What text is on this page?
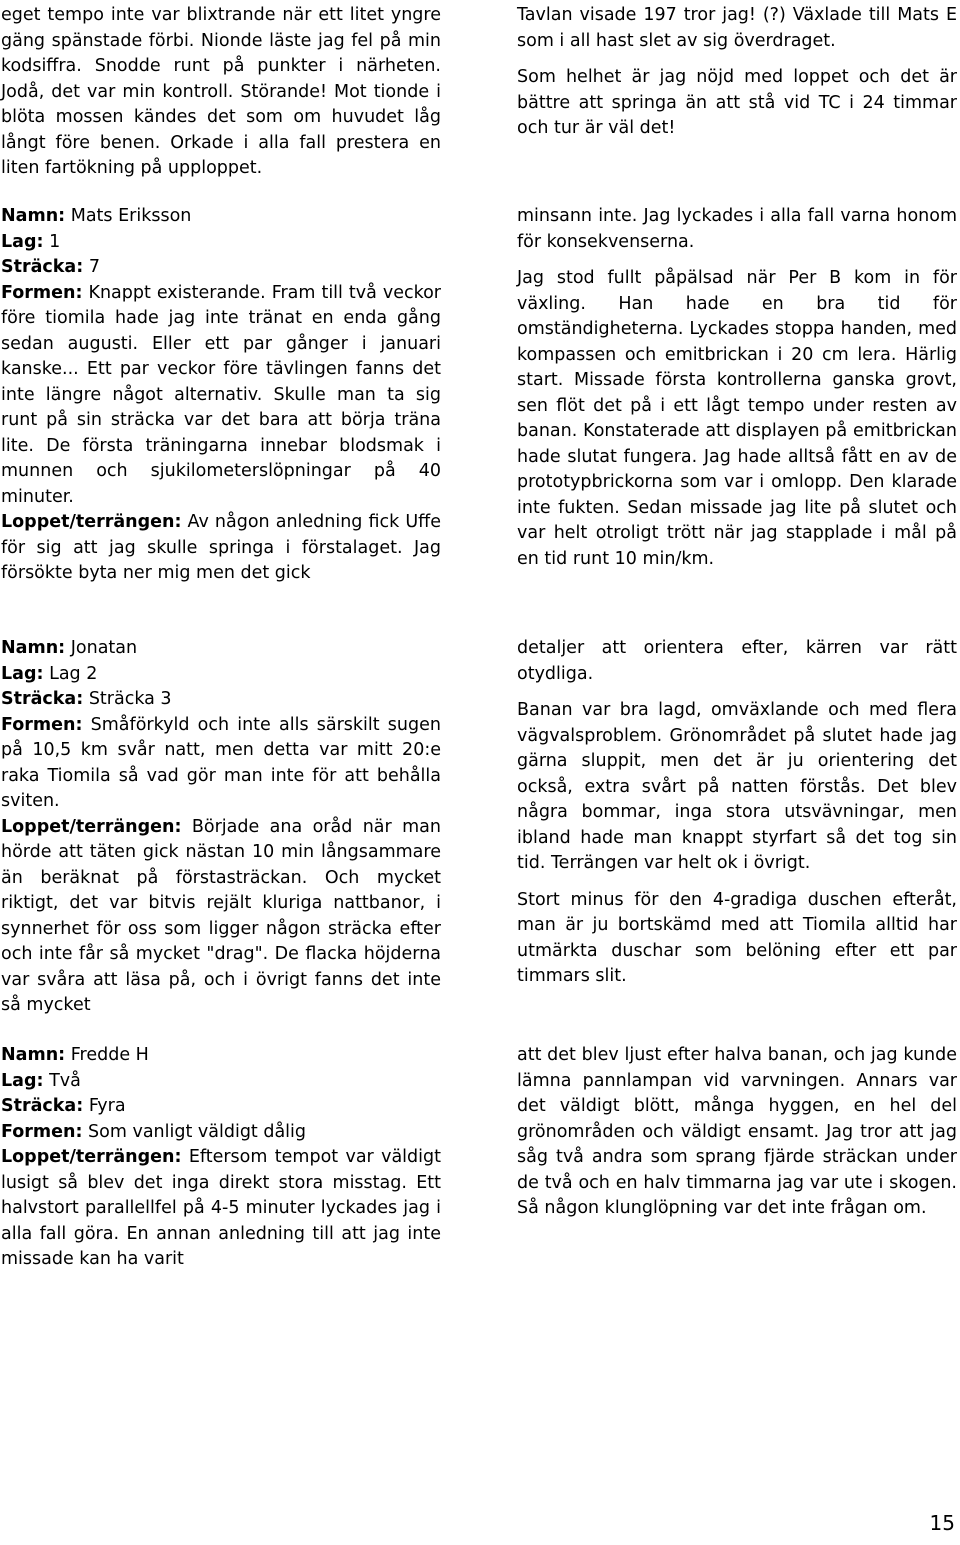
eget tempo inte var blixtrande när ett litet yngre gäng spänstade förbi. Nionde läste jag fel på min kodsiffra. Snodde runt på punkter i närheten. Jodå, det var min kontroll. Störande! Mot tionde i blöta mossen kändes det som om huvudet låg långt före benen. Orkade i alla fall prestera en liten fartökning på upploppet.

Tavlan visade 197 tror jag! (?) Växlade till Mats E som i all hast slet av sig överdraget.

Som helhet är jag nöjd med loppet och det är bättre att springa än att stå vid TC i 24 timmar och tur är väl det!

Namn: Mats Eriksson

Lag: 1

Sträcka: 7

Formen: Knappt existerande. Fram till två veckor före tiomila hade jag inte tränat en enda gång sedan augusti. Eller ett par gånger i januari kanske... Ett par veckor före tävlingen fanns det inte längre något alternativ. Skulle man ta sig runt på sin sträcka var det bara att börja träna lite. De första träningarna innebar blodsmak i munnen och sjukilometerslöpningar på 40 minuter.

Loppet/terrängen: Av någon anledning fick Uffe för sig att jag skulle springa i förstalaget. Jag försökte byta ner mig men det gick

minsann inte. Jag lyckades i alla fall varna honom för konsekvenserna.

Jag stod fullt påpälsad när Per B kom in för växling. Han hade en bra tid för omständigheterna. Lyckades stoppa handen, med kompassen och emitbrickan i 20 cm lera. Härlig start. Missade första kontrollerna ganska grovt, sen flöt det på i ett lågt tempo under resten av banan. Konstaterade att displayen på emitbrickan hade slutat fungera. Jag hade alltså fått en av de prototypbrickorna som var i omlopp. Den klarade inte fukten. Sedan missade jag lite på slutet och var helt otroligt trött när jag stapplade i mål på en tid runt 10 min/km.

Namn: Jonatan

Lag: Lag 2

Sträcka: Sträcka 3

Formen: Småförkyld och inte alls särskilt sugen på 10,5 km svår natt, men detta var mitt 20:e raka Tiomila så vad gör man inte för att behålla sviten.

Loppet/terrängen: Började ana oråd när man hörde att täten gick nästan 10 min långsammare än beräknat på förstasträckan. Och mycket riktigt, det var bitvis rejält kluriga nattbanor, i synnerhet för oss som ligger någon sträcka efter och inte får så mycket "drag". De flacka höjderna var svåra att läsa på, och i övrigt fanns det inte så mycket

detaljer att orientera efter, kärren var rätt otydliga.

Banan var bra lagd, omväxlande och med flera vägvalsproblem. Grönområdet på slutet hade jag gärna sluppit, men det är ju orientering det också, extra svårt på natten förstås. Det blev några bommar, inga stora utsvävningar, men ibland hade man knappt styrfart så det tog sin tid. Terrängen var helt ok i övrigt.

Stort minus för den 4-gradiga duschen efteråt, man är ju bortskämd med att Tiomila alltid har utmärkta duschar som belöning efter ett par timmars slit.

Namn: Fredde H

Lag: Två

Sträcka: Fyra

Formen: Som vanligt väldigt dålig

Loppet/terrängen: Eftersom tempot var väldigt lusigt så blev det inga direkt stora misstag. Ett halvstort parallellfel på 4-5 minuter lyckades jag i alla fall göra. En annan anledning till att jag inte missade kan ha varit

att det blev ljust efter halva banan, och jag kunde lämna pannlampan vid varvningen. Annars var det väldigt blött, många hyggen, en hel del grönområden och väldigt ensamt. Jag tror att jag såg två andra som sprang fjärde sträckan under de två och en halv timmarna jag var ute i skogen. Så någon klunglöpning var det inte frågan om.

15
